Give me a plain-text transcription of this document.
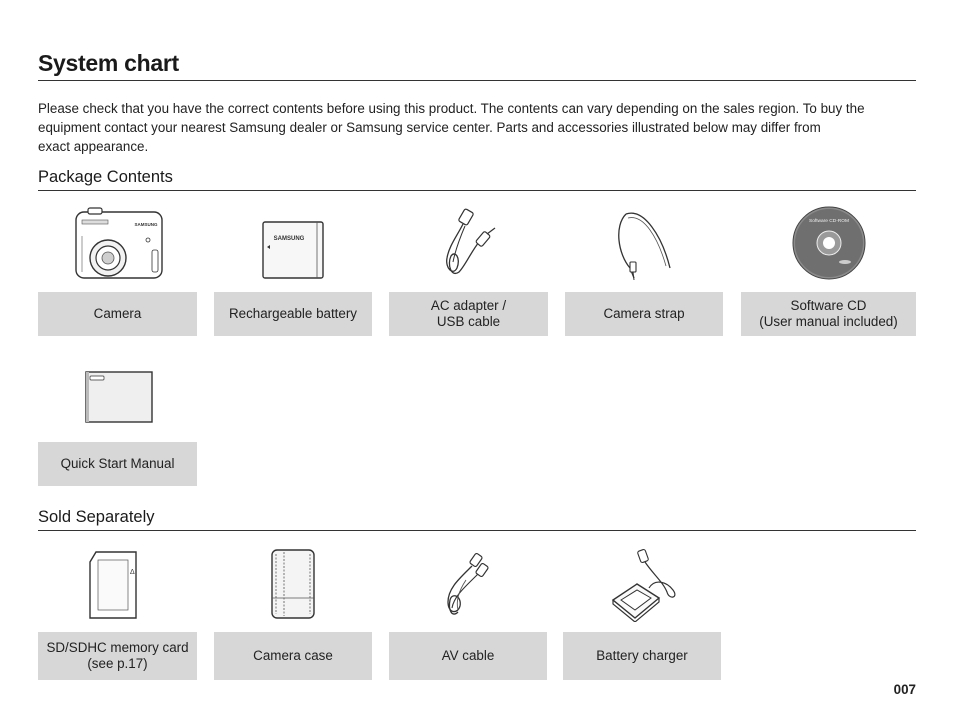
System chart
Please check that you have the correct contents before using this product. The contents can vary depending on the sales region. To buy the
equipment contact your nearest Samsung dealer or Samsung service center. Parts and accessories illustrated below may differ from
exact appearance.
Package Contents
SAMSUNG
Camera
SAMSUNG
Rechargeable battery
AC adapter /
USB cable
Camera strap
Software CD-ROM
Software CD
(User manual included)
Quick Start Manual
Sold Separately
Δ
SD/SDHC memory card
(see p.17)
Camera case	AV cable	Battery charger
007
